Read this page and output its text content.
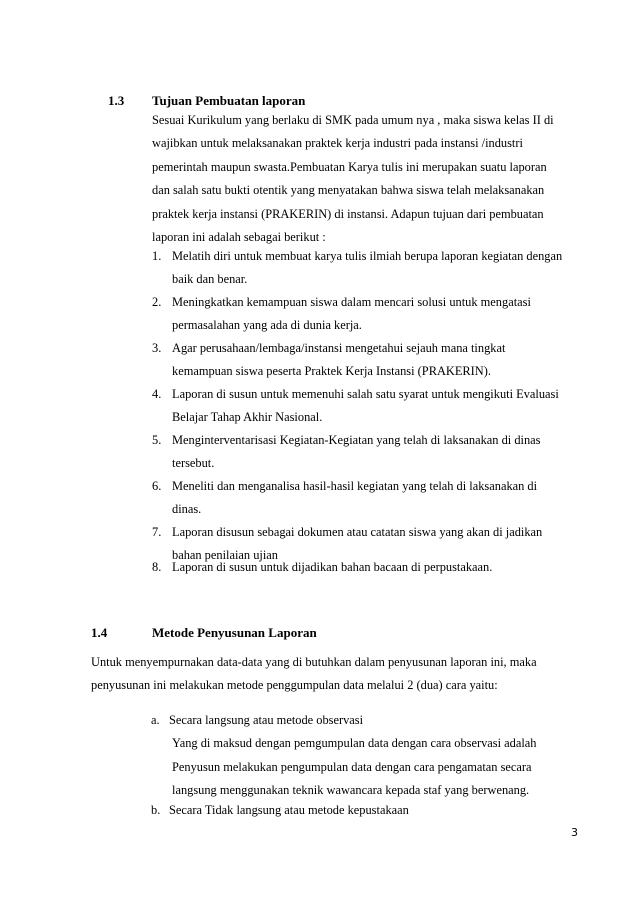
1.3 Tujuan Pembuatan laporan
Sesuai Kurikulum yang berlaku di SMK pada umum nya , maka siswa kelas II di
wajibkan untuk melaksanakan praktek kerja industri pada instansi /industri
pemerintah maupun swasta.Pembuatan Karya tulis ini merupakan suatu laporan
dan salah satu bukti otentik yang menyatakan bahwa siswa telah melaksanakan
praktek kerja instansi (PRAKERIN) di instansi. Adapun tujuan dari pembuatan
laporan ini adalah sebagai berikut :
1. Melatih diri untuk membuat karya tulis ilmiah berupa laporan kegiatan dengan
baik dan benar.
2. Meningkatkan kemampuan siswa dalam mencari solusi untuk mengatasi
permasalahan yang ada di dunia kerja.
3. Agar perusahaan/lembaga/instansi mengetahui sejauh mana tingkat
kemampuan siswa peserta Praktek Kerja Instansi (PRAKERIN).
4. Laporan di susun untuk memenuhi salah satu syarat untuk mengikuti Evaluasi
Belajar Tahap Akhir Nasional.
5. Menginterventarisasi Kegiatan-Kegiatan yang telah di laksanakan di dinas
tersebut.
6. Meneliti dan menganalisa hasil-hasil kegiatan yang telah di laksanakan di
dinas.
7. Laporan disusun sebagai dokumen atau catatan siswa yang akan di jadikan
bahan penilaian ujian
8. Laporan di susun untuk dijadikan bahan bacaan di perpustakaan.
1.4	Metode Penyusunan Laporan
Untuk menyempurnakan data-data yang di butuhkan dalam penyusunan laporan ini, maka
penyusunan ini melakukan metode penggumpulan data melalui 2 (dua) cara yaitu:
a. Secara langsung atau metode observasi
Yang di maksud dengan pemgumpulan data dengan cara observasi adalah
Penyusun melakukan pengumpulan data dengan cara pengamatan secara
langsung menggunakan teknik wawancara kepada staf yang berwenang.
b. Secara Tidak langsung atau metode kepustakaan
3
